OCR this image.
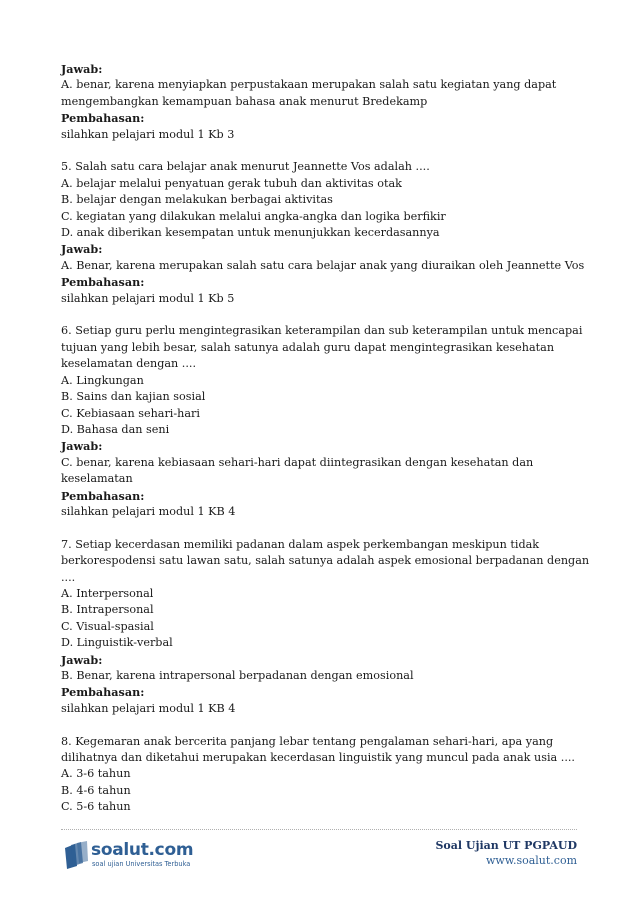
Jawab:
A. benar, karena menyiapkan perpustakaan merupakan salah satu kegiatan yang dapat
mengembangkan kemampuan bahasa anak menurut Bredekamp
Pembahasan:
silahkan pelajari modul 1 Kb 3
5. Salah satu cara belajar anak menurut Jeannette Vos adalah ....
A. belajar melalui penyatuan gerak tubuh dan aktivitas otak
B. belajar dengan melakukan berbagai aktivitas
C. kegiatan yang dilakukan melalui angka-angka dan logika berfikir
D. anak diberikan kesempatan untuk menunjukkan kecerdasannya
Jawab:
A. Benar, karena merupakan salah satu cara belajar anak yang diuraikan oleh Jeannette Vos
Pembahasan:
silahkan pelajari modul 1 Kb 5
6. Setiap guru perlu mengintegrasikan keterampilan dan sub keterampilan untuk mencapai
tujuan yang lebih besar, salah satunya adalah guru dapat mengintegrasikan kesehatan
keselamatan dengan ....
A. Lingkungan
B. Sains dan kajian sosial
C. Kebiasaan sehari-hari
D. Bahasa dan seni
Jawab:
C. benar, karena kebiasaan sehari-hari dapat diintegrasikan dengan kesehatan dan
keselamatan
Pembahasan:
silahkan pelajari modul 1 KB 4
7. Setiap kecerdasan memiliki padanan dalam aspek perkembangan meskipun tidak
berkorespodensi satu lawan satu, salah satunya adalah aspek emosional berpadanan dengan
....
A. Interpersonal
B. Intrapersonal
C. Visual-spasial
D. Linguistik-verbal
Jawab:
B. Benar, karena intrapersonal berpadanan dengan emosional
Pembahasan:
silahkan pelajari modul 1 KB 4
8. Kegemaran anak bercerita panjang lebar tentang pengalaman sehari-hari, apa yang
dilihatnya dan diketahui merupakan kecerdasan linguistik yang muncul pada anak usia ....
A. 3-6 tahun
B. 4-6 tahun
C. 5-6 tahun
soalut.com
soal ujian Universitas Terbuka
Soal Ujian UT PGPAUD
www.soalut.com
